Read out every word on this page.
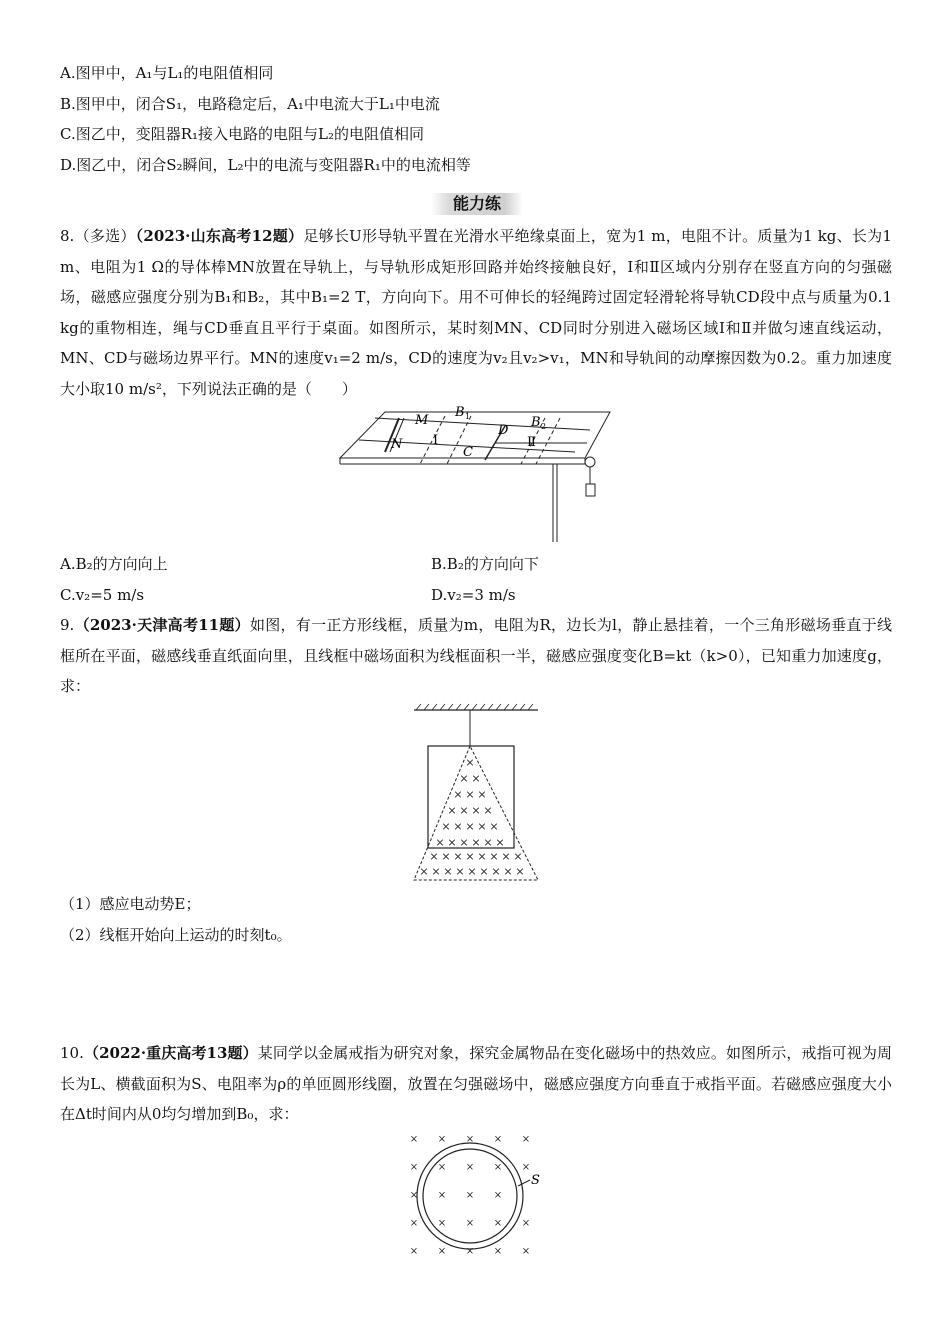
A.图甲中，A₁与L₁的电阻值相同
B.图甲中，闭合S₁，电路稳定后，A₁中电流大于L₁中电流
C.图乙中，变阻器R₁接入电路的电阻与L₂的电阻值相同
D.图乙中，闭合S₂瞬间，L₂中的电流与变阻器R₁中的电流相等
能力练
8.（多选）（2023·山东高考12题）足够长U形导轨平置在光滑水平绝缘桌面上，宽为1 m，电阻不计。质量为1 kg、长为1 m、电阻为1 Ω的导体棒MN放置在导轨上，与导轨形成矩形回路并始终接触良好，Ⅰ和Ⅱ区域内分别存在竖直方向的匀强磁场，磁感应强度分别为B₁和B₂，其中B₁=2 T，方向向下。用不可伸长的轻绳跨过固定轻滑轮将导轨CD段中点与质量为0.1 kg的重物相连，绳与CD垂直且平行于桌面。如图所示，某时刻MN、CD同时分别进入磁场区域Ⅰ和Ⅱ并做匀速直线运动，MN、CD与磁场边界平行。MN的速度v₁=2 m/s，CD的速度为v₂且v₂>v₁，MN和导轨间的动摩擦因数为0.2。重力加速度大小取10 m/s²，下列说法正确的是（　　）
M
N
B 1	B 2
Ⅰ
C
D
Ⅱ
A.B₂的方向向上	B.B₂的方向向下
C.v₂=5 m/s	D.v₂=3 m/s
9.（2023·天津高考11题）如图，有一正方形线框，质量为m，电阻为R，边长为l，静止悬挂着，一个三角形磁场垂直于线框所在平面，磁感线垂直纸面向里，且线框中磁场面积为线框面积一半，磁感应强度变化B=kt（k>0），已知重力加速度g，求：
×
× ×
× × ×
× × × ×
× × × × ×
× × × × × ×
× × × × × × × ×
× × × × × × × × ×
（1）感应电动势E；
（2）线框开始向上运动的时刻t₀。
10.（2022·重庆高考13题）某同学以金属戒指为研究对象，探究金属物品在变化磁场中的热效应。如图所示，戒指可视为周长为L、横截面积为S、电阻率为ρ的单匝圆形线圈，放置在匀强磁场中，磁感应强度方向垂直于戒指平面。若磁感应强度大小在Δt时间内从0均匀增加到B₀，求：
S
× × × × ×
× × × × ×
× × × ×
× × × × ×
× × × × ×
